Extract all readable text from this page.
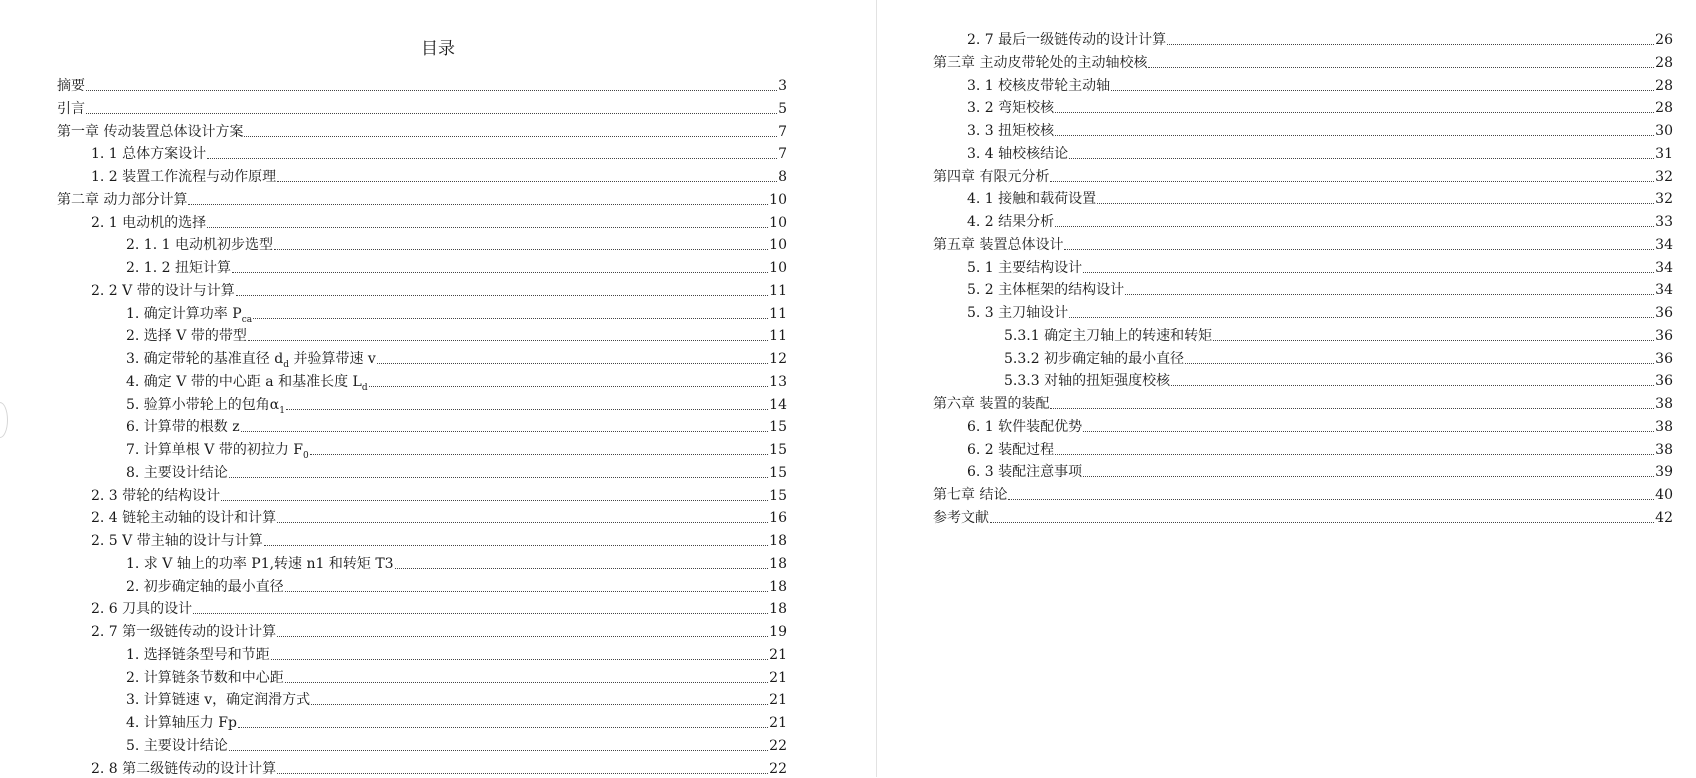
目录
摘要	3
引言	5
第一章 传动装置总体设计方案	7
1. 1 总体方案设计	7
1. 2 装置工作流程与动作原理	8
第二章 动力部分计算	10
2. 1 电动机的选择	10
2. 1. 1 电动机初步选型	10
2. 1. 2 扭矩计算	10
2. 2 V 带的设计与计算	11
1. 确定计算功率 $P_{ca}$	11
2. 选择 V 带的带型	11
3. 确定带轮的基准直径 $d_d$ 并验算带速 v	12
4. 确定 V 带的中心距 a 和基准长度 $L_d$	13
5. 验算小带轮上的包角$\alpha_1$	14
6. 计算带的根数 z	15
7. 计算单根 V 带的初拉力 $F_0$	15
8. 主要设计结论	15
2. 3 带轮的结构设计	15
2. 4 链轮主动轴的设计和计算	16
2. 5 V 带主轴的设计与计算	18
1. 求 V 轴上的功率 P1,转速 n1 和转矩 T3	18
2. 初步确定轴的最小直径	18
2. 6 刀具的设计	18
2. 7 第一级链传动的设计计算	19
1. 选择链条型号和节距	21
2. 计算链条节数和中心距	21
3. 计算链速 v，确定润滑方式	21
4. 计算轴压力 Fp	21
5. 主要设计结论	22
2. 8 第二级链传动的设计计算	22
2. 7 最后一级链传动的设计计算	26
第三章 主动皮带轮处的主动轴校核	28
3. 1 校核皮带轮主动轴	28
3. 2 弯矩校核	28
3. 3 扭矩校核	30
3. 4 轴校核结论	31
第四章 有限元分析	32
4. 1 接触和载荷设置	32
4. 2 结果分析	33
第五章 装置总体设计	34
5. 1 主要结构设计	34
5. 2 主体框架的结构设计	34
5. 3 主刀轴设计	36
5.3.1 确定主刀轴上的转速和转矩	36
5.3.2 初步确定轴的最小直径	36
5.3.3 对轴的扭矩强度校核	36
第六章 装置的装配	38
6. 1 软件装配优势	38
6. 2 装配过程	38
6. 3 装配注意事项	39
第七章 结论	40
参考文献	42
